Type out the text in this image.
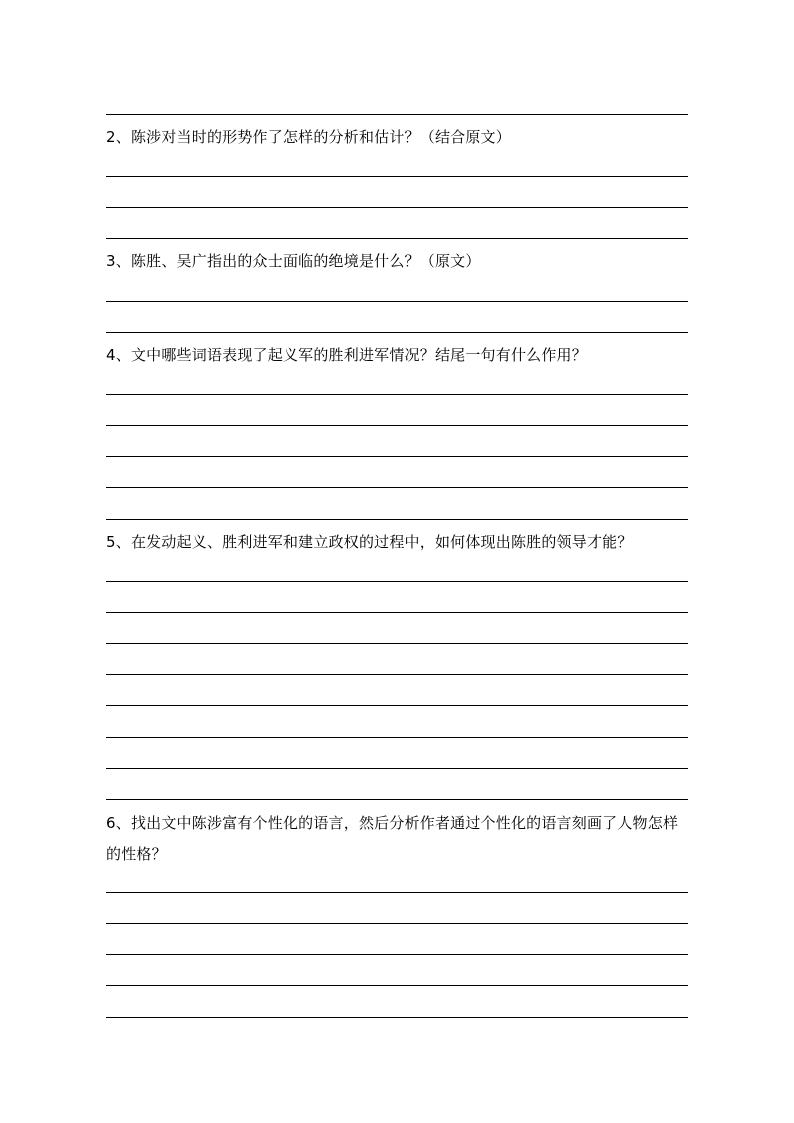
2、陈涉对当时的形势作了怎样的分析和估计？（结合原文）

3、陈胜、吴广指出的众士面临的绝境是什么？（原文）

4、文中哪些词语表现了起义军的胜利进军情况？结尾一句有什么作用？

5、在发动起义、胜利进军和建立政权的过程中，如何体现出陈胜的领导才能？

6、找出文中陈涉富有个性化的语言，然后分析作者通过个性化的语言刻画了人物怎样的性格？
